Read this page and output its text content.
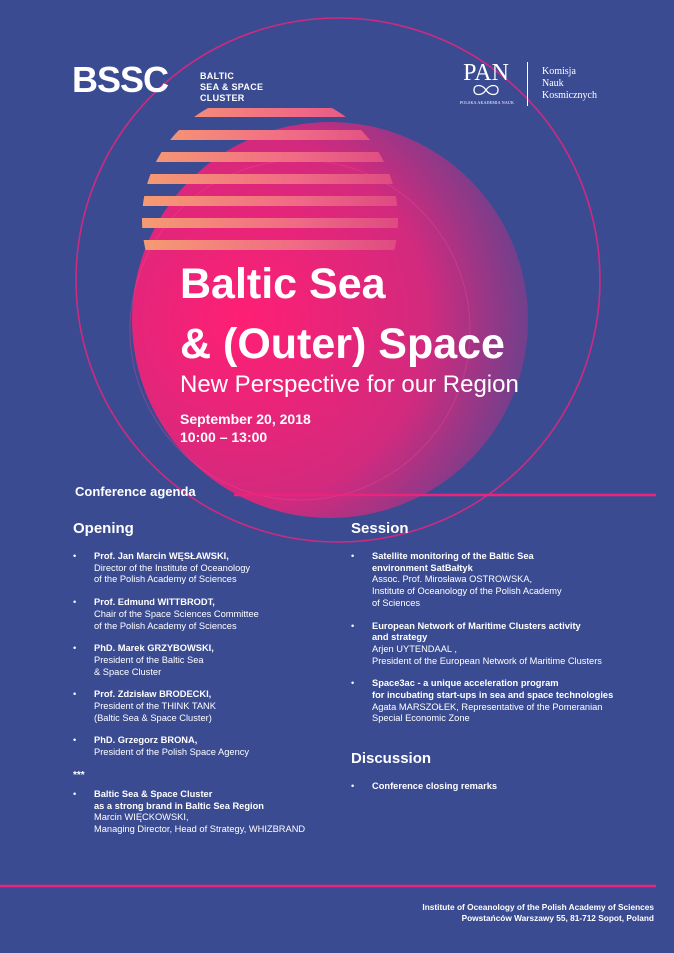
BSSC	BALTIC
SEA & SPACE
CLUSTER
PAN
POLSKA AKADEMIA NAUK
Komisja
Nauk
Kosmicznych
Baltic Sea
& (Outer) Space
New Perspective for our Region
September 20, 2018
10:00 – 13:00
Conference agenda
Opening
• Prof. Jan Marcin WĘSŁAWSKI,
Director of the Institute of Oceanology
of the Polish Academy of Sciences
• Prof. Edmund WITTBRODT,
Chair of the Space Sciences Committee
of the Polish Academy of Sciences
• PhD. Marek GRZYBOWSKI,
President of the Baltic Sea
& Space Cluster
• Prof. Zdzisław BRODECKI,
President of the THINK TANK
(Baltic Sea & Space Cluster)
• PhD. Grzegorz BRONA,
President of the Polish Space Agency
***
• Baltic Sea & Space Cluster
as a strong brand in Baltic Sea Region
Marcin WIĘCKOWSKI,
Managing Director, Head of Strategy, WHIZBRAND
Session
• Satellite monitoring of the Baltic Sea
environment SatBałtyk
Assoc. Prof. Mirosława OSTROWSKA,
Institute of Oceanology of the Polish Academy
of Sciences
• European Network of Maritime Clusters activity
and strategy
Arjen UYTENDAAL ,
President of the European Network of Maritime Clusters
• Space3ac - a unique acceleration program
for incubating start-ups in sea and space technologies
Agata MARSZOŁEK, Representative of the Pomeranian
Special Economic Zone
Discussion
• Conference closing remarks
Institute of Oceanology of the Polish Academy of Sciences
Powstańców Warszawy 55, 81-712 Sopot, Poland
